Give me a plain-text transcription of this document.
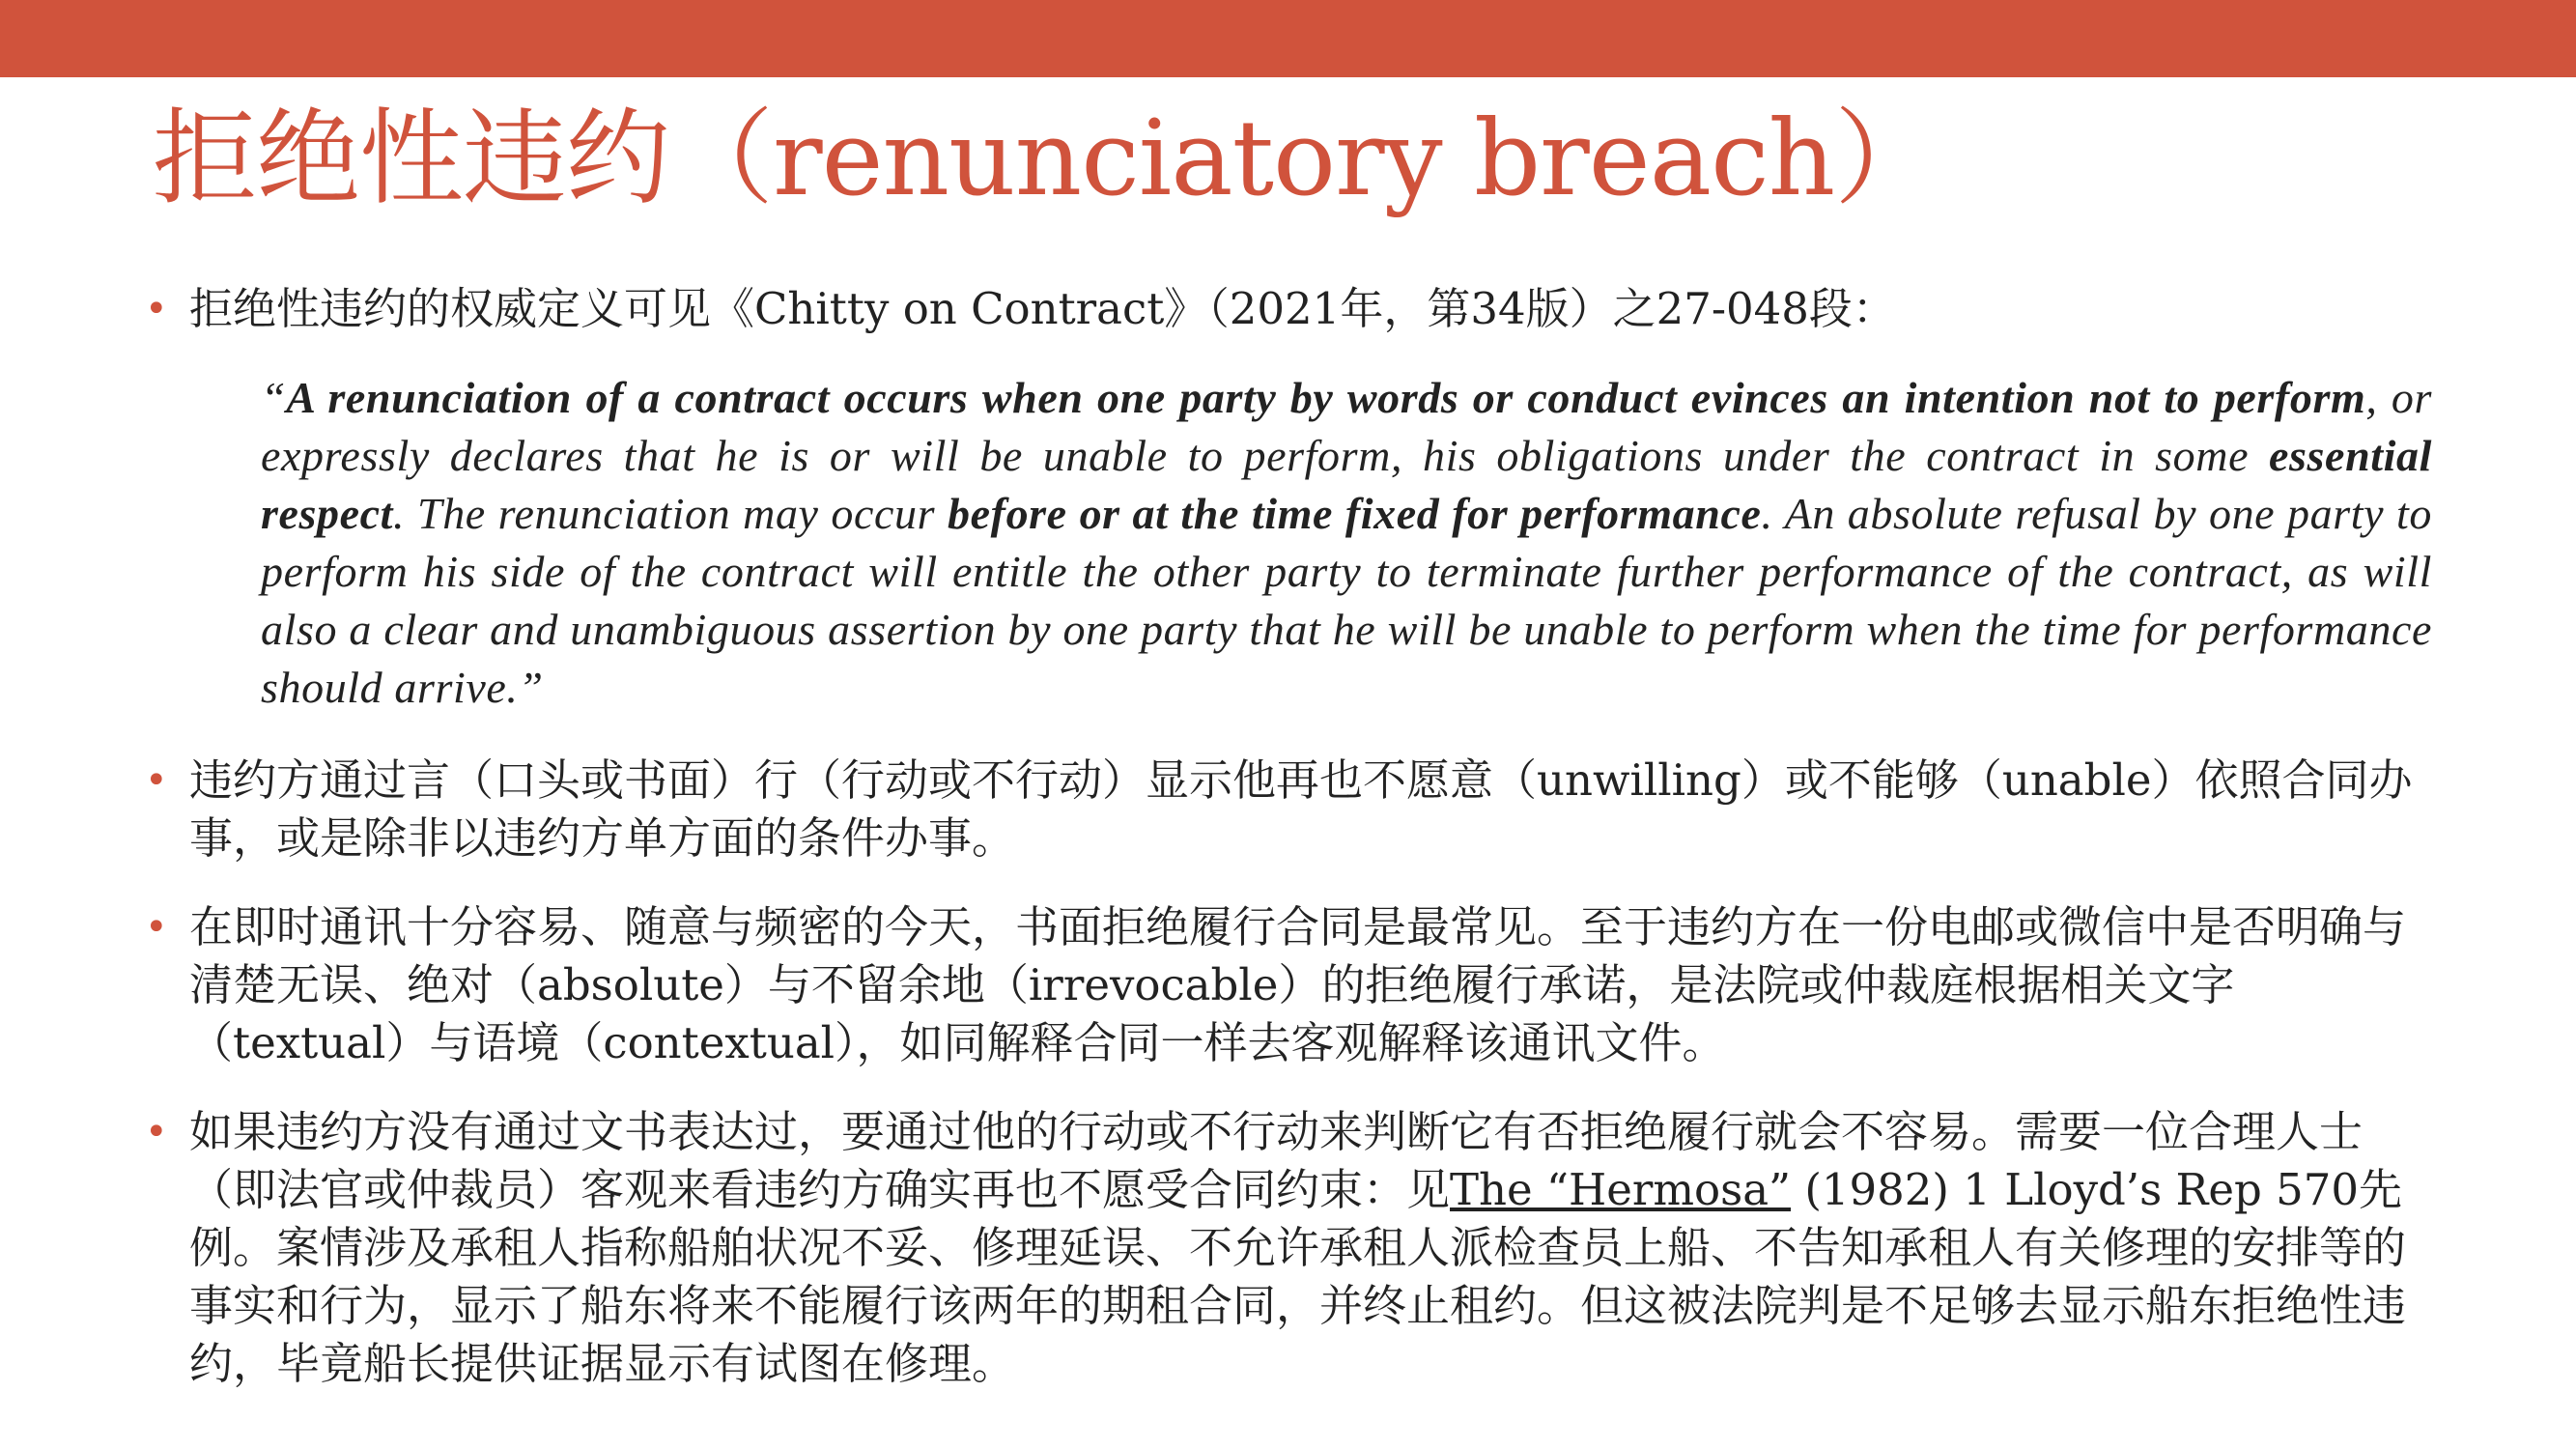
拒绝性违约（renunciatory breach）
• 拒绝性违约的权威定义可见《Chitty on Contract》（2021年，第34版）之27-048段：
“A renunciation of a contract occurs when one party by words or conduct evinces an intention not to perform, or expressly declares that he is or will be unable to perform, his obligations under the contract in some essential respect. The renunciation may occur before or at the time fixed for performance. An absolute refusal by one party to perform his side of the contract will entitle the other party to terminate further performance of the contract, as will also a clear and unambiguous assertion by one party that he will be unable to perform when the time for performance should arrive.”
• 违约方通过言（口头或书面）行（行动或不行动）显示他再也不愿意（unwilling）或不能够（unable）依照合同办事，或是除非以违约方单方面的条件办事。
• 在即时通讯十分容易、随意与频密的今天，书面拒绝履行合同是最常见。至于违约方在一份电邮或微信中是否明确与清楚无误、绝对（absolute）与不留余地（irrevocable）的拒绝履行承诺，是法院或仲裁庭根据相关文字（textual）与语境（contextual），如同解释合同一样去客观解释该通讯文件。
• 如果违约方没有通过文书表达过，要通过他的行动或不行动来判断它有否拒绝履行就会不容易。需要一位合理人士（即法官或仲裁员）客观来看违约方确实再也不愿受合同约束：见The “Hermosa” (1982) 1 Lloyd’s Rep 570先例。案情涉及承租人指称船舶状况不妥、修理延误、不允许承租人派检查员上船、不告知承租人有关修理的安排等的事实和行为，显示了船东将来不能履行该两年的期租合同，并终止租约。但这被法院判是不足够去显示船东拒绝性违约，毕竟船长提供证据显示有试图在修理。
